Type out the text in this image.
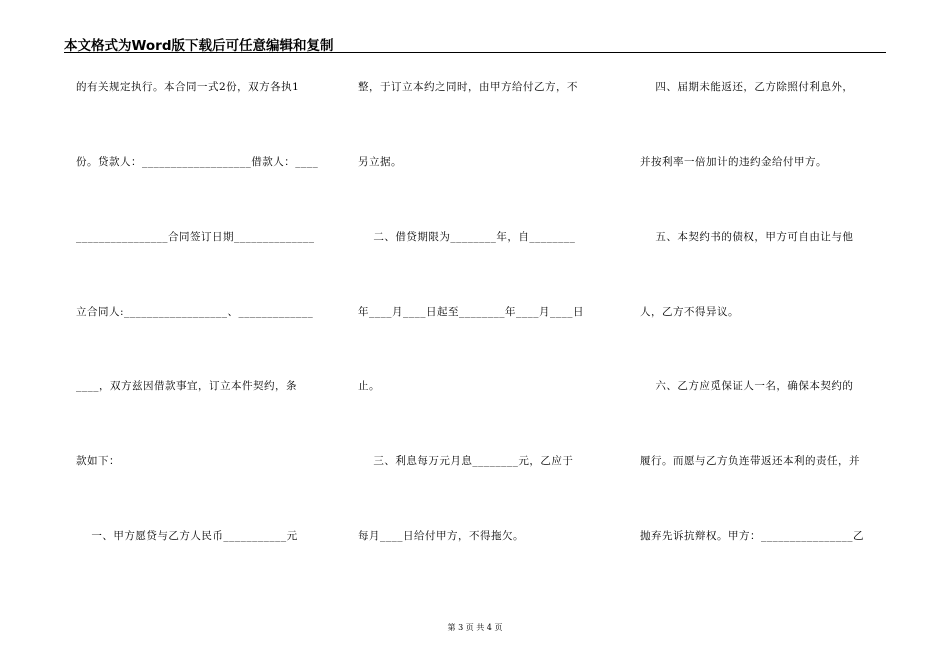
本文格式为Word版下载后可任意编辑和复制
的有关规定执行。本合同一式2份，双方各执1
份。贷款人：___________________借款人：____
________________合同签订日期______________
立合同人:__________________、_____________
____，双方兹因借款事宜，订立本件契约，条
款如下：
一、甲方愿贷与乙方人民币___________元
整，于订立本约之同时，由甲方给付乙方，不
另立据。
二、借贷期限为________年，自________
年____月____日起至________年____月____日
止。
三、利息每万元月息________元，乙应于
每月____日给付甲方，不得拖欠。
四、届期未能返还，乙方除照付利息外，
并按利率一倍加计的违约金给付甲方。
五、本契约书的债权，甲方可自由让与他
人，乙方不得异议。
六、乙方应觅保证人一名，确保本契约的
履行。而愿与乙方负连带返还本利的责任，并
抛弃先诉抗辩权。甲方：________________乙
第 3 页 共 4 页
